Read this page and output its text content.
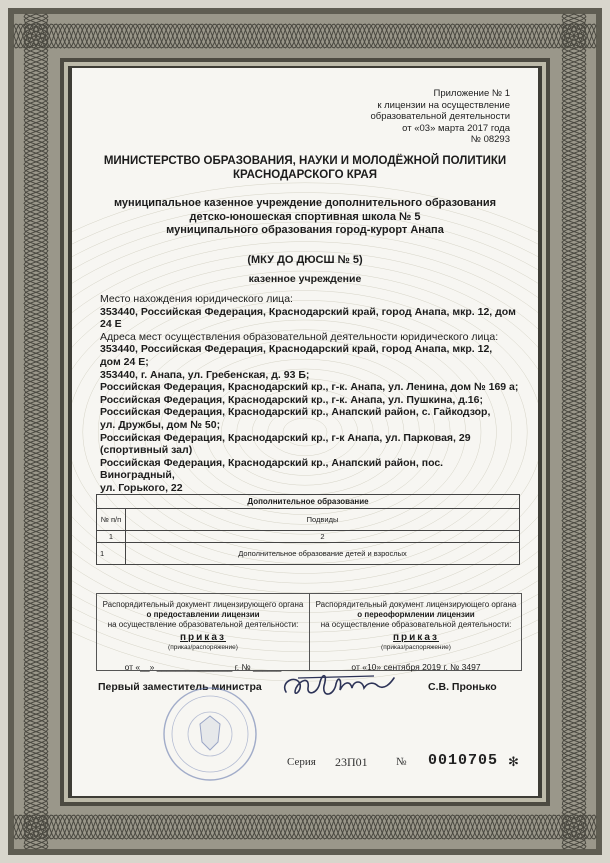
Приложение № 1
к лицензии на осуществление
образовательной деятельности
от «03» марта 2017 года
№ 08293
МИНИСТЕРСТВО ОБРАЗОВАНИЯ, НАУКИ И МОЛОДЁЖНОЙ ПОЛИТИКИ
КРАСНОДАРСКОГО КРАЯ
муниципальное казенное учреждение дополнительного образования
детско-юношеская спортивная школа № 5
муниципального образования город-курорт Анапа
(МКУ ДО ДЮСШ № 5)
казенное учреждение
Место нахождения юридического лица:
353440, Российская Федерация, Краснодарский край, город Анапа, мкр. 12, дом 24 Е
Адреса мест осуществления образовательной деятельности юридического лица:
353440, Российская Федерация, Краснодарский край, город Анапа, мкр. 12,
дом 24 Е;
353440, г. Анапа, ул. Гребенская, д. 93 Б;
Российская Федерация, Краснодарский кр., г-к. Анапа, ул. Ленина, дом № 169 а;
Российская Федерация, Краснодарский кр., г-к. Анапа, ул. Пушкина, д.16;
Российская Федерация, Краснодарский кр., Анапский район, с. Гайкодзор,
ул. Дружбы, дом № 50;
Российская Федерация, Краснодарский кр., г-к Анапа, ул. Парковая, 29
(спортивный зал)
Российская Федерация, Краснодарский кр., Анапский район, пос. Виноградный,
ул. Горького, 22
Дополнительное образование	
№ п/п	Подвиды
1	2
1	Дополнительное образование детей и взрослых
Распорядительный документ лицензирующего органа
о предоставлении лицензии
на осуществление образовательной деятельности:
приказ
(приказ/распоряжение)
от «__» ________________ г. № ______
Распорядительный документ лицензирующего органа
о переоформлении лицензии
на осуществление образовательной деятельности:
приказ
(приказ/распоряжение)
от «10» сентября 2019 г. № 3497
Первый заместитель министра	С.В. Пронько
Серия 23П01	№ 0010705 ✻
